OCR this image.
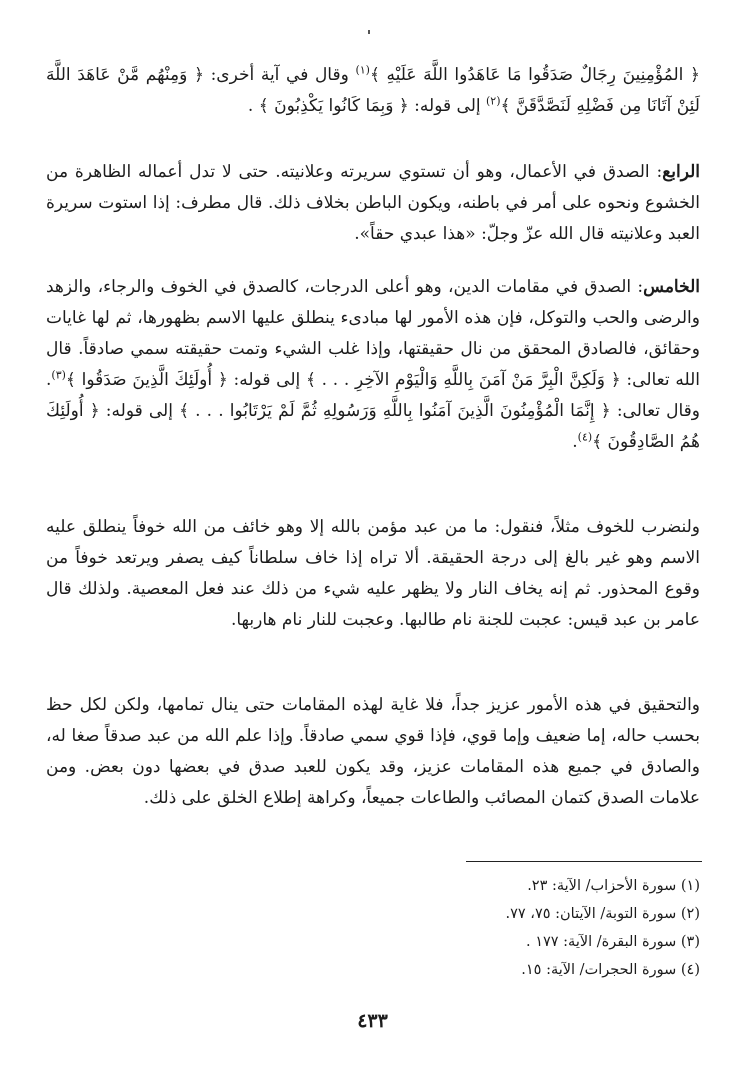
﴿ المُؤْمِنِينَ رِجَالٌ صَدَقُوا مَا عَاهَدُوا اللَّهَ عَلَيْهِ ﴾$^{(١)}$ وقال في آية أخرى: ﴿ وَمِنْهُم مَّنْ عَاهَدَ اللَّهَ لَئِنْ آتَانَا مِن فَضْلِهِ لَنَصَّدَّقَنَّ ﴾$^{(٢)}$ إلى قوله: ﴿ وَبِمَا كَانُوا يَكْذِبُونَ ﴾ .

الرابع: الصدق في الأعمال، وهو أن تستوي سريرته وعلانيته. حتى لا تدل أعماله الظاهرة من الخشوع ونحوه على أمر في باطنه، ويكون الباطن بخلاف ذلك. قال مطرف: إذا استوت سريرة العبد وعلانيته قال الله عزّ وجلّ: «هذا عبدي حقاً».

الخامس: الصدق في مقامات الدين، وهو أعلى الدرجات، كالصدق في الخوف والرجاء، والزهد والرضى والحب والتوكل، فإن هذه الأمور لها مبادىء ينطلق عليها الاسم بظهورها، ثم لها غايات وحقائق، فالصادق المحقق من نال حقيقتها، وإذا غلب الشيء وتمت حقيقته سمي صادقاً. قال الله تعالى: ﴿ وَلَكِنَّ الْبِرَّ مَنْ آمَنَ بِاللَّهِ وَالْيَوْمِ الآخِرِ . . . ﴾ إلى قوله: ﴿ أُولَئِكَ الَّذِينَ صَدَقُوا ﴾$^{(٣)}$. وقال تعالى: ﴿ إِنَّمَا الْمُؤْمِنُونَ الَّذِينَ آمَنُوا بِاللَّهِ وَرَسُولِهِ ثُمَّ لَمْ يَرْتَابُوا . . . ﴾ إلى قوله: ﴿ أُولَئِكَ هُمُ الصَّادِقُونَ ﴾$^{(٤)}$.

ولنضرب للخوف مثلاً، فنقول: ما من عبد مؤمن بالله إلا وهو خائف من الله خوفاً ينطلق عليه الاسم وهو غير بالغ إلى درجة الحقيقة. ألا تراه إذا خاف سلطاناً كيف يصفر ويرتعد خوفاً من وقوع المحذور. ثم إنه يخاف النار ولا يظهر عليه شيء من ذلك عند فعل المعصية. ولذلك قال عامر بن عبد قيس: عجبت للجنة نام طالبها. وعجبت للنار نام هاربها.

والتحقيق في هذه الأمور عزيز جداً، فلا غاية لهذه المقامات حتى ينال تمامها، ولكن لكل حظ بحسب حاله، إما ضعيف وإما قوي، فإذا قوي سمي صادقاً. وإذا علم الله من عبد صدقاً صغا له، والصادق في جميع هذه المقامات عزيز، وقد يكون للعبد صدق في بعضها دون بعض. ومن علامات الصدق كتمان المصائب والطاعات جميعاً، وكراهة إطلاع الخلق على ذلك.

(١) سورة الأحزاب/ الآية: ٢٣.
(٢) سورة التوبة/ الآيتان: ٧٥، ٧٧.
(٣) سورة البقرة/ الآية: ١٧٧ .
(٤) سورة الحجرات/ الآية: ١٥.
٤٣٣
